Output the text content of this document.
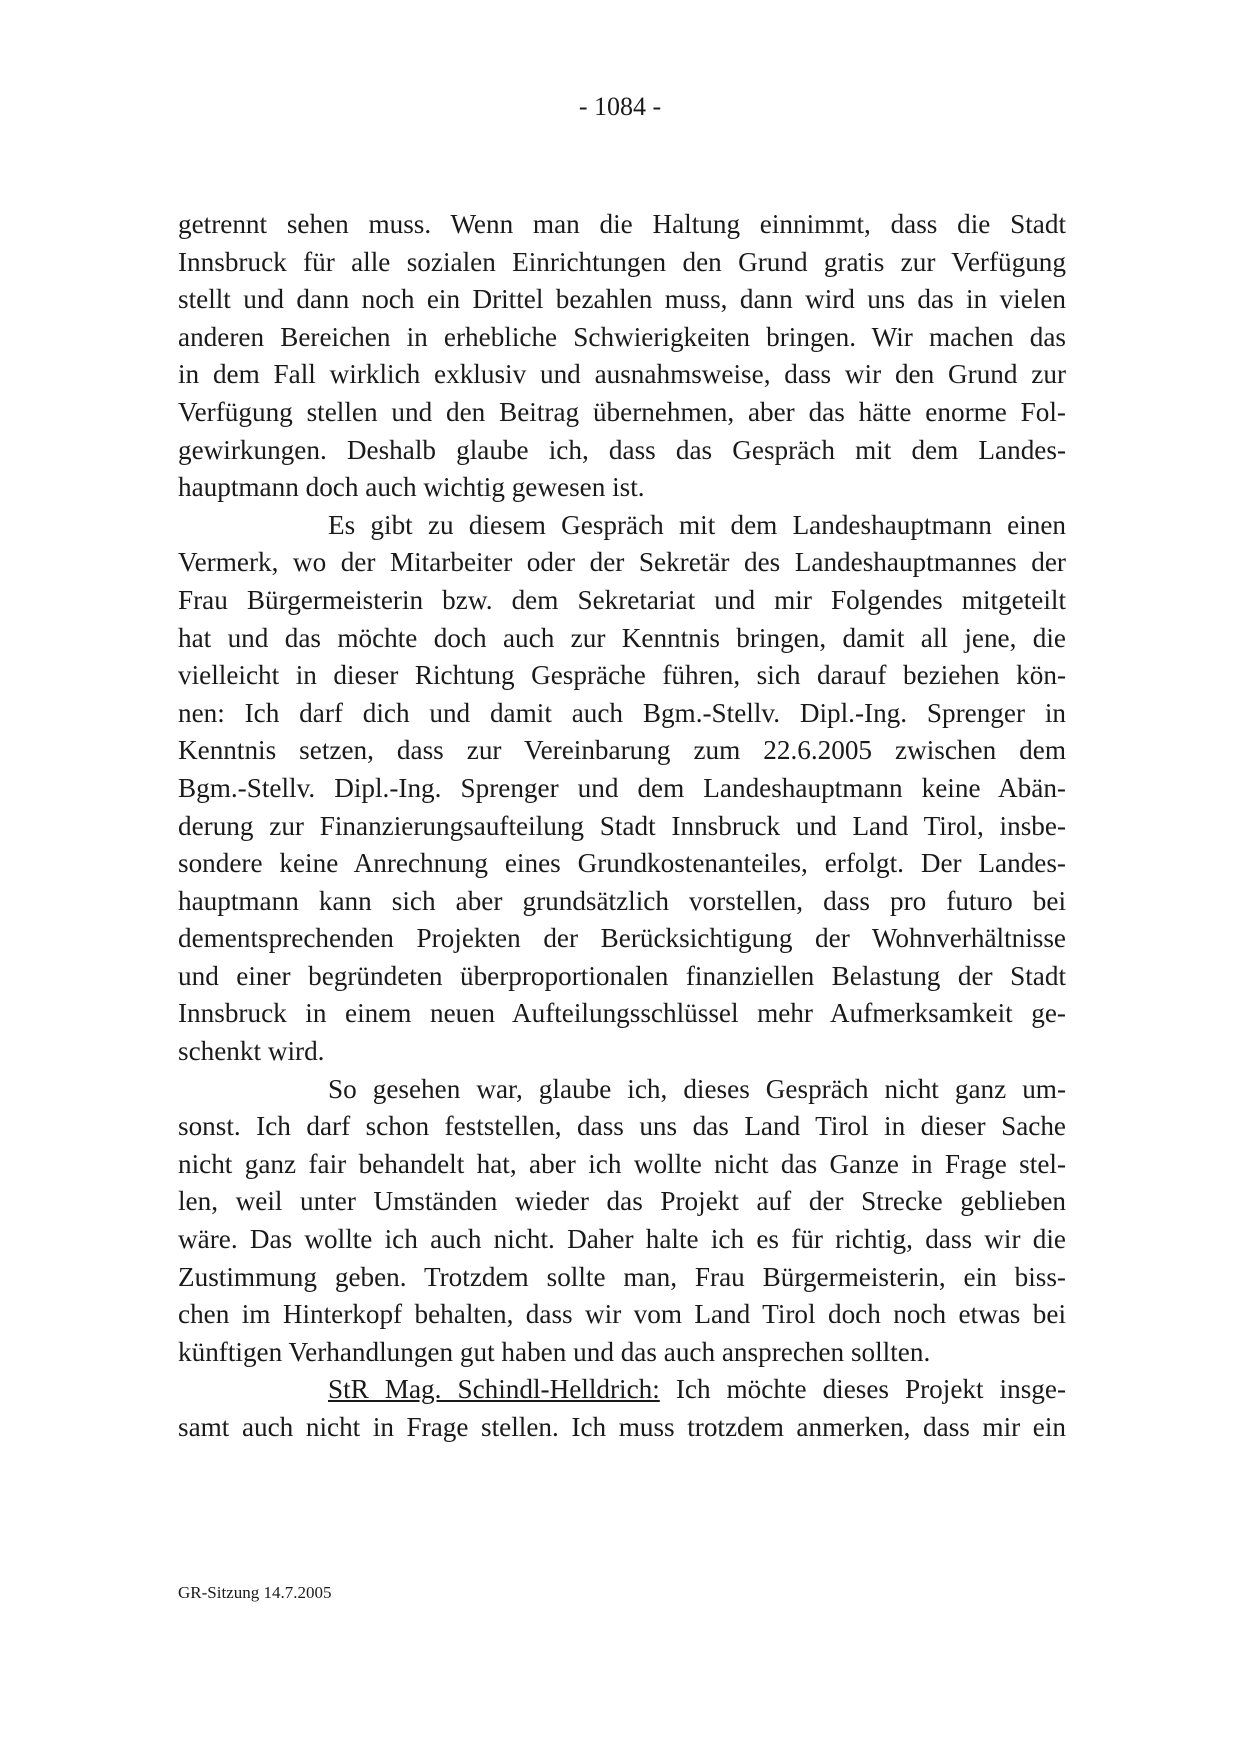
- 1084 -
getrennt sehen muss. Wenn man die Haltung einnimmt, dass die Stadt
Innsbruck für alle sozialen Einrichtungen den Grund gratis zur Verfügung
stellt und dann noch ein Drittel bezahlen muss, dann wird uns das in vielen
anderen Bereichen in erhebliche Schwierigkeiten bringen. Wir machen das
in dem Fall wirklich exklusiv und ausnahmsweise, dass wir den Grund zur
Verfügung stellen und den Beitrag übernehmen, aber das hätte enorme Fol-
gewirkungen. Deshalb glaube ich, dass das Gespräch mit dem Landes-
hauptmann doch auch wichtig gewesen ist.
Es gibt zu diesem Gespräch mit dem Landeshauptmann einen
Vermerk, wo der Mitarbeiter oder der Sekretär des Landeshauptmannes der
Frau Bürgermeisterin bzw. dem Sekretariat und mir Folgendes mitgeteilt
hat und das möchte doch auch zur Kenntnis bringen, damit all jene, die
vielleicht in dieser Richtung Gespräche führen, sich darauf beziehen kön-
nen: Ich darf dich und damit auch Bgm.-Stellv. Dipl.-Ing. Sprenger in
Kenntnis setzen, dass zur Vereinbarung zum 22.6.2005 zwischen dem
Bgm.-Stellv. Dipl.-Ing. Sprenger und dem Landeshauptmann keine Abän-
derung zur Finanzierungsaufteilung Stadt Innsbruck und Land Tirol, insbe-
sondere keine Anrechnung eines Grundkostenanteiles, erfolgt. Der Landes-
hauptmann kann sich aber grundsätzlich vorstellen, dass pro futuro bei
dementsprechenden Projekten der Berücksichtigung der Wohnverhältnisse
und einer begründeten überproportionalen finanziellen Belastung der Stadt
Innsbruck in einem neuen Aufteilungsschlüssel mehr Aufmerksamkeit ge-
schenkt wird.
So gesehen war, glaube ich, dieses Gespräch nicht ganz um-
sonst. Ich darf schon feststellen, dass uns das Land Tirol in dieser Sache
nicht ganz fair behandelt hat, aber ich wollte nicht das Ganze in Frage stel-
len, weil unter Umständen wieder das Projekt auf der Strecke geblieben
wäre. Das wollte ich auch nicht. Daher halte ich es für richtig, dass wir die
Zustimmung geben. Trotzdem sollte man, Frau Bürgermeisterin, ein biss-
chen im Hinterkopf behalten, dass wir vom Land Tirol doch noch etwas bei
künftigen Verhandlungen gut haben und das auch ansprechen sollten.
StR Mag. Schindl-Helldrich: Ich möchte dieses Projekt insge-
samt auch nicht in Frage stellen. Ich muss trotzdem anmerken, dass mir ein
GR-Sitzung 14.7.2005
